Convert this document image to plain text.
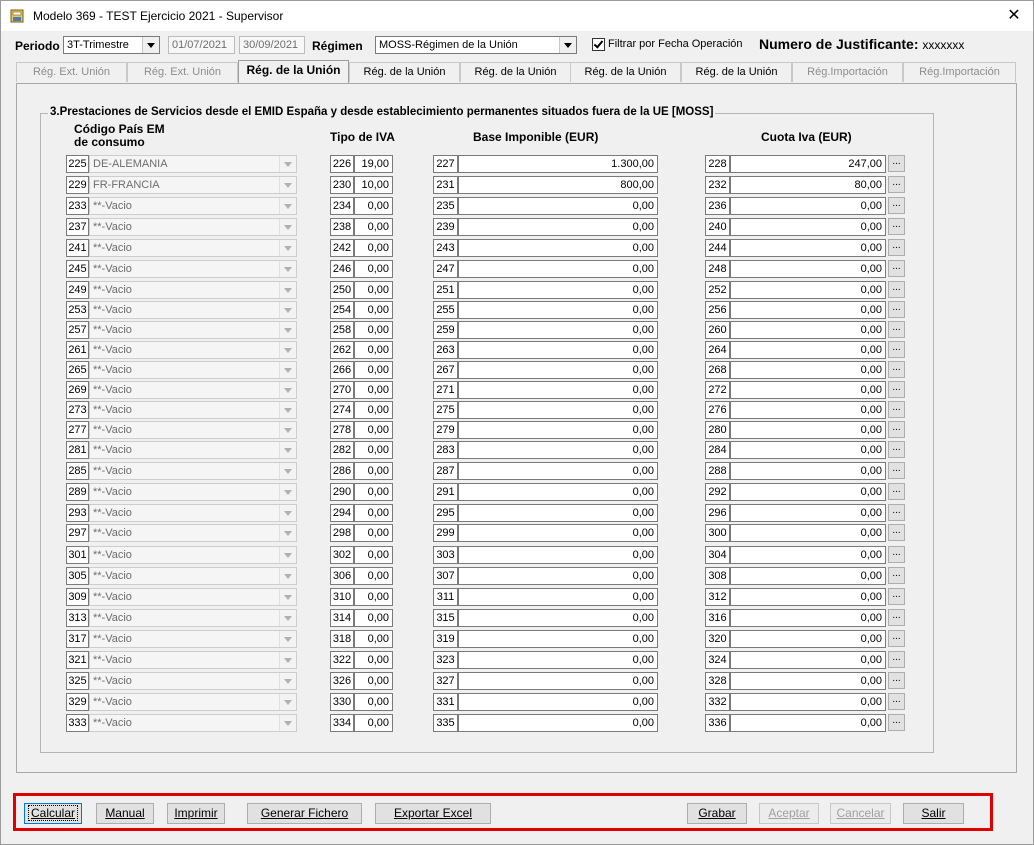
Modelo 369 - TEST Ejercicio 2021 - Supervisor	✕
Periodo 3T-Trimestre	01/07/2021 30/09/2021 Régimen MOSS-Régimen de la Unión	Filtrar por Fecha Operación Numero de Justificante: xxxxxxx
Rég. Ext. Unión	Rég. Ext. Unión	Rég. de la Unión	Rég. de la Unión	Rég. de la Unión	Rég. de la Unión	Rég. de la Unión	Rég.Importación	Rég.Importación
3.Prestaciones de Servicios desde el EMID España y desde establecimiento permanentes situados fuera de la UE [MOSS]
Código País EM
de consumo	Tipo de IVA	Base Imponible (EUR)	Cuota Iva (EUR)
225 DE-ALEMANIA	226 19,00	227	1.300,00	228	247,00	...
229 FR-FRANCIA	230 10,00	231	800,00	232	80,00	...
233 **-Vacio	234	0,00	235	0,00	236	0,00	...
237 **-Vacio	238	0,00	239	0,00	240	0,00	...
241 **-Vacio	242	0,00	243	0,00	244	0,00	...
245 **-Vacio	246	0,00	247	0,00	248	0,00	...
249 **-Vacio	250	0,00	251	0,00	252	0,00	...
253 **-Vacio	254	0,00	255	0,00	256	0,00	...
257 **-Vacio	258	0,00	259	0,00	260	0,00	...
261 **-Vacio	262	0,00	263	0,00	264	0,00	...
265 **-Vacio	266	0,00	267	0,00	268	0,00	...
269 **-Vacio	270	0,00	271	0,00	272	0,00	...
273 **-Vacio	274	0,00	275	0,00	276	0,00	...
277 **-Vacio	278	0,00	279	0,00	280	0,00	...
281 **-Vacio	282	0,00	283	0,00	284	0,00	...
285 **-Vacio	286	0,00	287	0,00	288	0,00	...
289 **-Vacio	290	0,00	291	0,00	292	0,00	...
293 **-Vacio	294	0,00	295	0,00	296	0,00	...
297 **-Vacio	298	0,00	299	0,00	300	0,00	...
301 **-Vacio	302	0,00	303	0,00	304	0,00	...
305 **-Vacio	306	0,00	307	0,00	308	0,00	...
309 **-Vacio	310	0,00	311	0,00	312	0,00	...
313 **-Vacio	314	0,00	315	0,00	316	0,00	...
317 **-Vacio	318	0,00	319	0,00	320	0,00	...
321 **-Vacio	322	0,00	323	0,00	324	0,00	...
325 **-Vacio	326	0,00	327	0,00	328	0,00	...
329 **-Vacio	330	0,00	331	0,00	332	0,00	...
333 **-Vacio	334	0,00	335	0,00	336	0,00	...
Calcular	Manual	Imprimir	Generar Fichero	Exportar Excel	Grabar	Aceptar	Cancelar	Salir
